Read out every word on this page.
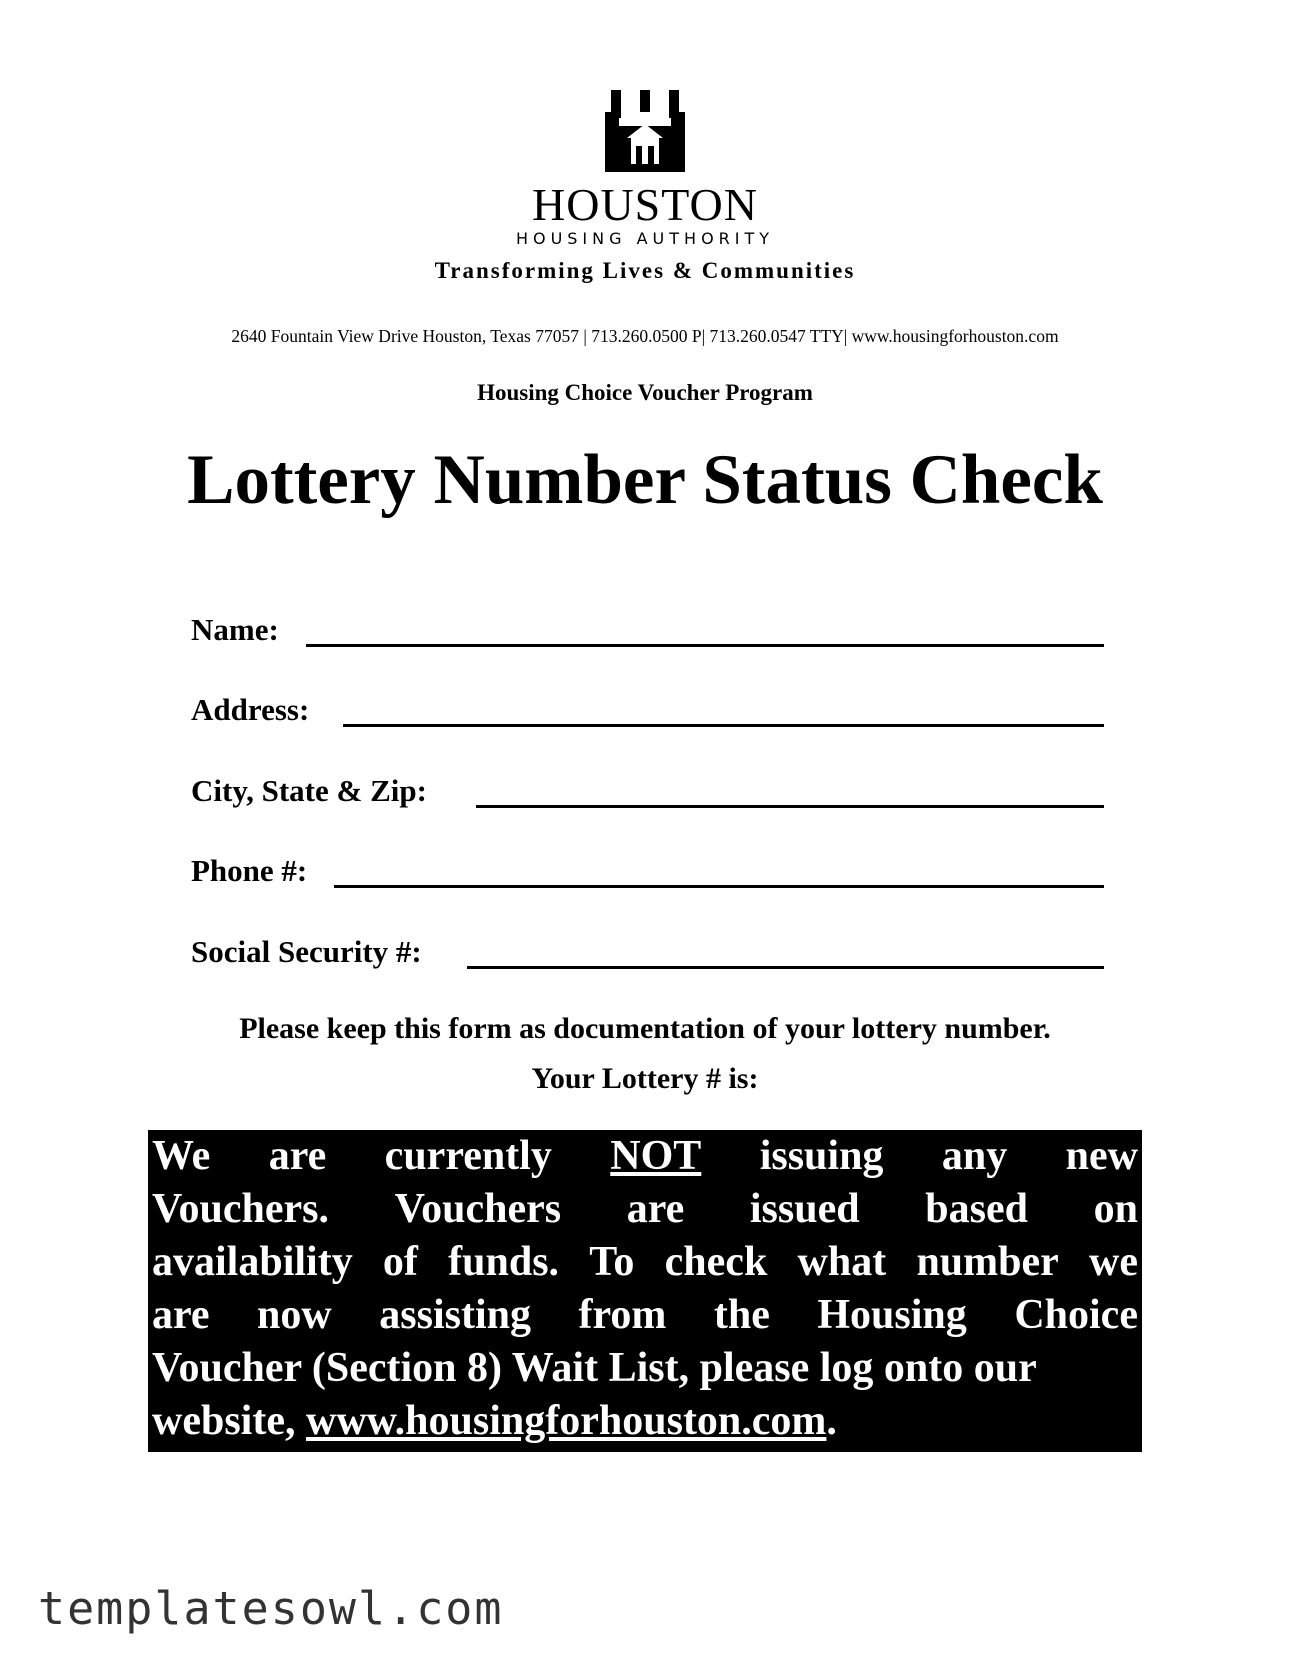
HOUSTON
HOUSING AUTHORITY
Transforming Lives & Communities
2640 Fountain View Drive Houston, Texas 77057 | 713.260.0500 P| 713.260.0547 TTY| www.housingforhouston.com
Housing Choice Voucher Program
Lottery Number Status Check
Name:
Address:
City, State & Zip:
Phone #:
Social Security #:
Please keep this form as documentation of your lottery number.
Your Lottery # is:
We are currently NOT issuing any new
Vouchers. Vouchers are issued based on
availability of funds. To check what number we
are now assisting from the Housing Choice
Voucher (Section 8) Wait List, please log onto our
website, www.housingforhouston.com .
templatesowl.com
